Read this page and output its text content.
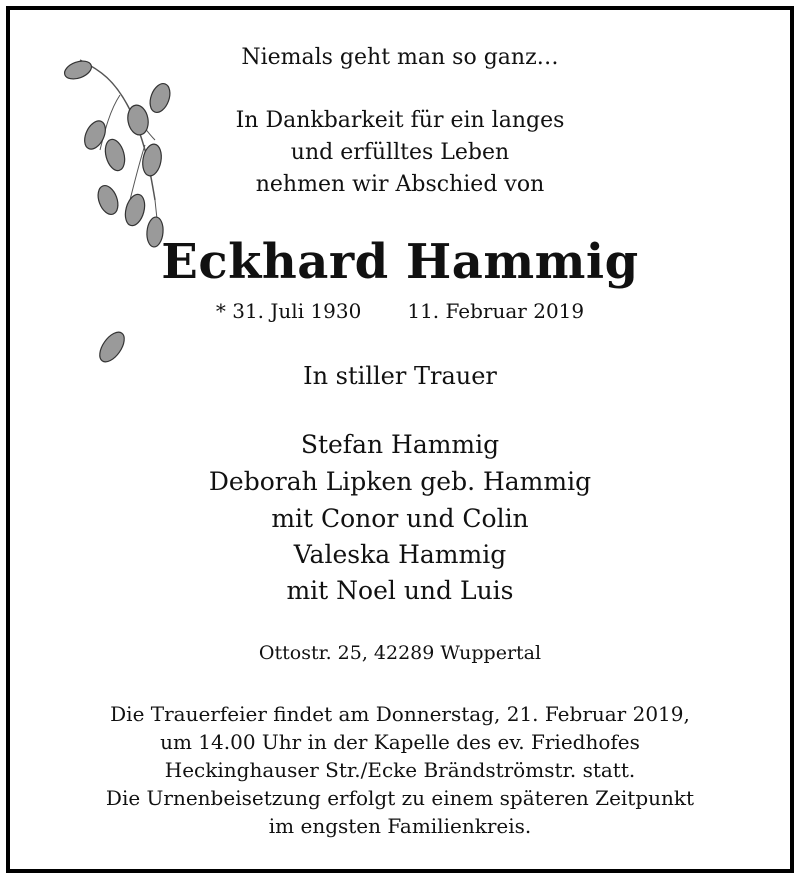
Niemals geht man so ganz…
In Dankbarkeit für ein langes
und erfülltes Leben
nehmen wir Abschied von
Eckhard Hammig
* 31. Juli 1930 11. Februar 2019
In stiller Trauer
Stefan Hammig
Deborah Lipken geb. Hammig
mit Conor und Colin
Valeska Hammig
mit Noel und Luis
Ottostr. 25, 42289 Wuppertal
Die Trauerfeier findet am Donnerstag, 21. Februar 2019,
um 14.00 Uhr in der Kapelle des ev. Friedhofes
Heckinghauser Str./Ecke Brändströmstr. statt.
Die Urnenbeisetzung erfolgt zu einem späteren Zeitpunkt
im engsten Familienkreis.
